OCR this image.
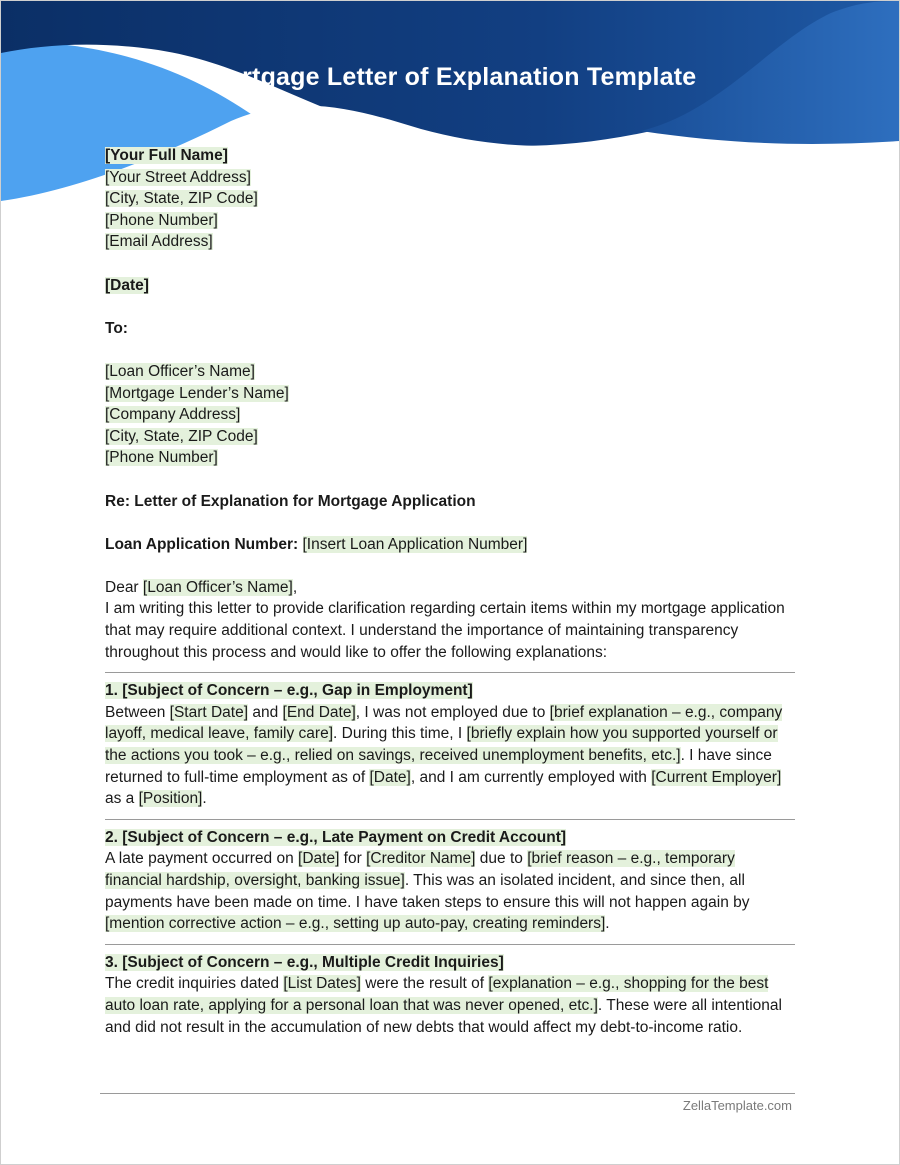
Mortgage Letter of Explanation Template
[Your Full Name]
[Your Street Address]
[City, State, ZIP Code]
[Phone Number]
[Email Address]
[Date]
To:
[Loan Officer’s Name]
[Mortgage Lender’s Name]
[Company Address]
[City, State, ZIP Code]
[Phone Number]
Re: Letter of Explanation for Mortgage Application
Loan Application Number: [Insert Loan Application Number]
Dear [Loan Officer’s Name],

I am writing this letter to provide clarification regarding certain items within my mortgage application that may require additional context. I understand the importance of maintaining transparency throughout this process and would like to offer the following explanations:

1. [Subject of Concern – e.g., Gap in Employment]

Between [Start Date] and [End Date], I was not employed due to [brief explanation – e.g., company layoff, medical leave, family care]. During this time, I [briefly explain how you supported yourself or the actions you took – e.g., relied on savings, received unemployment benefits, etc.]. I have since returned to full-time employment as of [Date], and I am currently employed with [Current Employer] as a [Position].

2. [Subject of Concern – e.g., Late Payment on Credit Account]

A late payment occurred on [Date] for [Creditor Name] due to [brief reason – e.g., temporary financial hardship, oversight, banking issue]. This was an isolated incident, and since then, all payments have been made on time. I have taken steps to ensure this will not happen again by [mention corrective action – e.g., setting up auto-pay, creating reminders].

3. [Subject of Concern – e.g., Multiple Credit Inquiries]

The credit inquiries dated [List Dates] were the result of [explanation – e.g., shopping for the best auto loan rate, applying for a personal loan that was never opened, etc.]. These were all intentional and did not result in the accumulation of new debts that would affect my debt-to-income ratio.

ZellaTemplate.com
